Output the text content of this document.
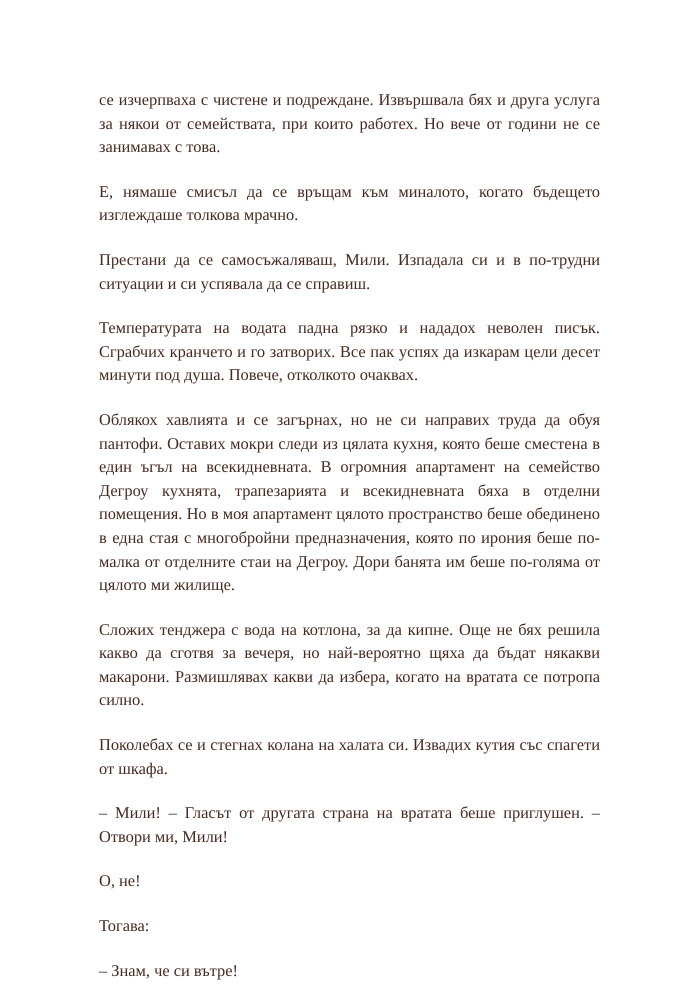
се изчерпваха с чистене и подреждане. Извършвала бях и друга услуга за някои от семействата, при които работех. Но вече от години не се занимавах с това.

Е, нямаше смисъл да се връщам към миналото, когато бъдещето изглеждаше толкова мрачно.

Престани да се самосъжаляваш, Мили. Изпадала си и в по-трудни ситуации и си успявала да се справиш.

Температурата на водата падна рязко и нададох неволен писък. Сграбчих кранчето и го затворих. Все пак успях да изкарам цели десет минути под душа. Повече, отколкото очаквах.

Облякох хавлията и се загърнах, но не си направих труда да обуя пантофи. Оставих мокри следи из цялата кухня, която беше сместена в един ъгъл на всекидневната. В огромния апартамент на семейство Дегроу кухнята, трапезарията и всекидневната бяха в отделни помещения. Но в моя апартамент цялото пространство беше обединено в една стая с многобройни предназначения, която по ирония беше по-малка от отделните стаи на Дегроу. Дори банята им беше по-голяма от цялото ми жилище.

Сложих тенджера с вода на котлона, за да кипне. Още не бях решила какво да сготвя за вечеря, но най-вероятно щяха да бъдат някакви макарони. Размишлявах какви да избера, когато на вратата се потропа силно.

Поколебах се и стегнах колана на халата си. Извадих кутия със спагети от шкафа.

– Мили! – Гласът от другата страна на вратата беше приглушен. – Отвори ми, Мили!

О, не!

Тогава:

– Знам, че си вътре!
